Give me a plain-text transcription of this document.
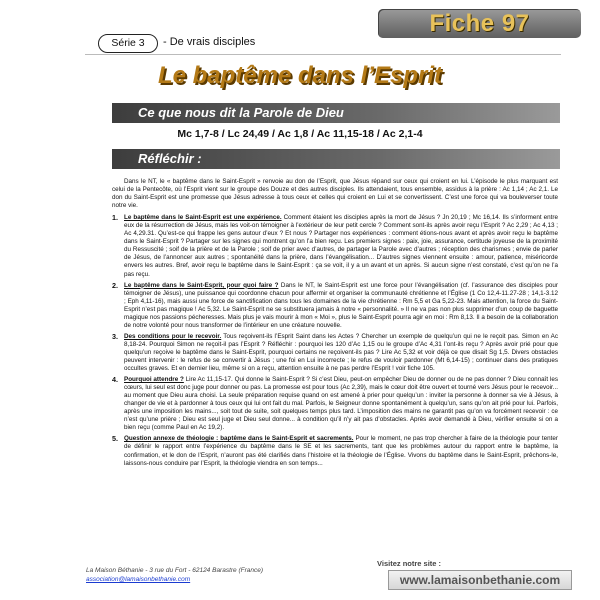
Fiche 97
Série 3	- De vrais disciples
Le baptême dans l’Esprit
Ce que nous dit la Parole de Dieu
Mc 1,7-8 / Lc 24,49 / Ac 1,8 / Ac 11,15-18 / Ac 2,1-4
Réfléchir :

Dans le NT, le « baptême dans le Saint-Esprit » renvoie au don de l’Esprit, que Jésus répand sur ceux qui croient en lui. L’épisode le plus marquant est celui de la Pentecôte, où l’Esprit vient sur le groupe des Douze et des autres disciples. Ils attendaient, tous ensemble, assidus à la prière : Ac 1,14 ; Ac 2,1. Le don du Saint-Esprit est une promesse que Jésus adresse à tous ceux et celles qui croient en Lui et se convertissent. C’est une force qui va bouleverser toute notre vie.

1. Le baptême dans le Saint-Esprit est une expérience. Comment étaient les disciples après la mort de Jésus ? Jn 20,19 ; Mc 16,14. Ils s’informent entre eux de la résurrection de Jésus, mais les voit-on témoigner à l’extérieur de leur petit cercle ? Comment sont-ils après avoir reçu l’Esprit ? Ac 2,29 ; Ac 4,13 ; Ac 4,29.31. Qu’est-ce qui frappe les gens autour d’eux ? Et nous ? Partager nos expériences : comment étions-nous avant et après avoir reçu le baptême dans le Saint-Esprit ? Partager sur les signes qui montrent qu’on l’a bien reçu. Les premiers signes : paix, joie, assurance, certitude joyeuse de la proximité du Ressuscité ; soif de la prière et de la Parole ; soif de prier avec d’autres, de partager la Parole avec d’autres ; réception des charismes ; envie de parler de Jésus, de l’annoncer aux autres ; spontanéité dans la prière, dans l’évangélisation... D’autres signes viennent ensuite : amour, patience, miséricorde envers les autres. Bref, avoir reçu le baptême dans le Saint-Esprit : ça se voit, il y a un avant et un après. Si aucun signe n’est constaté, c’est qu’on ne l’a pas reçu.
2. Le baptême dans le Saint-Esprit, pour quoi faire ? Dans le NT, le Saint-Esprit est une force pour l’évangélisation (cf. l’assurance des disciples pour témoigner de Jésus), une puissance qui coordonne chacun pour affermir et organiser la communauté chrétienne et l’Église (1 Co 12,4-11.27-28 ; 14,1-3.12 ; Eph 4,11-16), mais aussi une force de sanctification dans tous les domaines de la vie chrétienne : Rm 5,5 et Ga 5,22-23. Mais attention, la force du Saint-Esprit n’est pas magique ! Ac 5,32. Le Saint-Esprit ne se substituera jamais à notre « personnalité. » Il ne va pas non plus supprimer d’un coup de baguette magique nos passions pécheresses. Mais plus je vais mourir à mon « Moi », plus le Saint-Esprit pourra agir en moi : Rm 8,13. Il a besoin de la collaboration de notre volonté pour nous transformer de l’intérieur en une créature nouvelle.
3. Des conditions pour le recevoir. Tous reçoivent-ils l’Esprit Saint dans les Actes ? Chercher un exemple de quelqu’un qui ne le reçoit pas. Simon en Ac 8,18-24. Pourquoi Simon ne reçoit-il pas l’Esprit ? Réfléchir : pourquoi les 120 d’Ac 1,15 ou le groupe d’Ac 4,31 l’ont-ils reçu ? Après avoir prié pour que quelqu’un reçoive le baptême dans le Saint-Esprit, pourquoi certains ne reçoivent-ils pas ? Lire Ac 5,32 et voir déjà ce que disait Sg 1,5. Divers obstacles peuvent intervenir : le refus de se convertir à Jésus ; une foi en Lui incorrecte ; le refus de vouloir pardonner (Mt 6,14-15) ; continuer dans des pratiques occultes graves. Et en dernier lieu, même si on a reçu, attention ensuite à ne pas perdre l’Esprit ! voir fiche 105.
4. Pourquoi attendre ? Lire Ac 11,15-17. Qui donne le Saint-Esprit ? Si c’est Dieu, peut-on empêcher Dieu de donner ou de ne pas donner ? Dieu connaît les cœurs, lui seul est donc juge pour donner ou pas. La promesse est pour tous (Ac 2,39), mais le cœur doit être ouvert et tourné vers Jésus pour le recevoir... au moment que Dieu aura choisi. La seule préparation requise quand on est amené à prier pour quelqu’un : inviter la personne à donner sa vie à Jésus, à changer de vie et à pardonner à tous ceux qui lui ont fait du mal. Parfois, le Seigneur donne spontanément à quelqu’un, sans qu’on ait prié pour lui. Parfois, après une imposition les mains..., soit tout de suite, soit quelques temps plus tard. L’imposition des mains ne garantit pas qu’on va forcément recevoir : ce n’est qu’une prière ; Dieu est seul juge et Dieu seul donne... à condition qu’il n’y ait pas d’obstacles. Après avoir demandé à Dieu, vérifier ensuite si on a bien reçu (comme Paul en Ac 19,2).
5. Question annexe de théologie : baptême dans le Saint-Esprit et sacrements. Pour le moment, ne pas trop chercher à faire de la théologie pour tenter de définir le rapport entre l’expérience du baptême dans le SE et les sacrements, tant que les problèmes autour du rapport entre le baptême, la confirmation, et le don de l’Esprit, n’auront pas été clarifiés dans l’histoire et la théologie de l’Église. Vivons du baptême dans le Saint-Esprit, prêchons-le, laissons-nous conduire par l’Esprit, la théologie viendra en son temps...
La Maison Béthanie - 3 rue du Fort - 62124 Barastre (France)
association@lamaisonbethanie.com
Visitez notre site :
www.lamaisonbethanie.com
